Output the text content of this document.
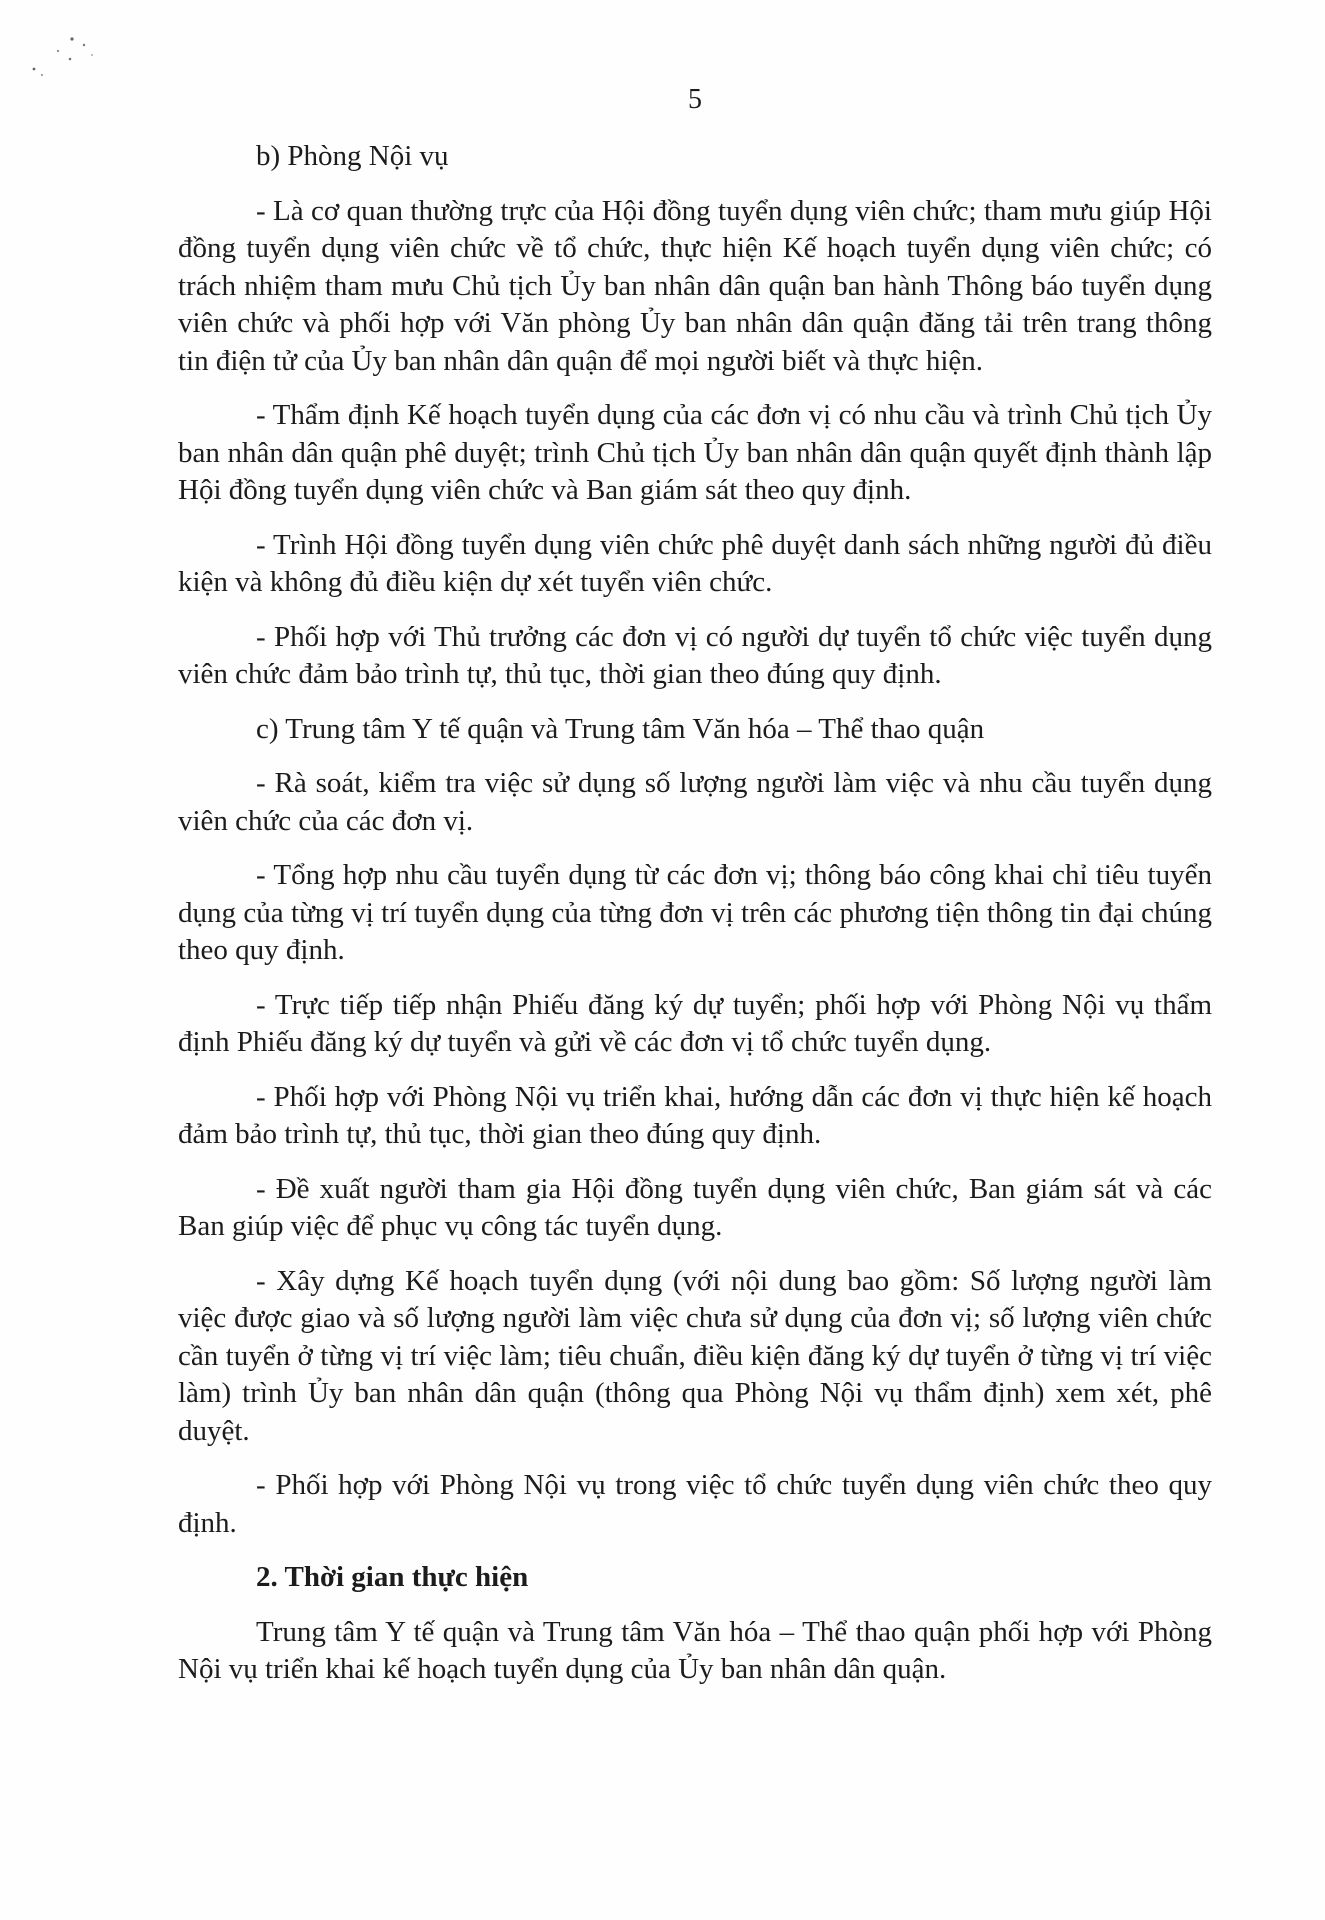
5

b) Phòng Nội vụ

- Là cơ quan thường trực của Hội đồng tuyển dụng viên chức; tham mưu giúp Hội đồng tuyển dụng viên chức về tổ chức, thực hiện Kế hoạch tuyển dụng viên chức; có trách nhiệm tham mưu Chủ tịch Ủy ban nhân dân quận ban hành Thông báo tuyển dụng viên chức và phối hợp với Văn phòng Ủy ban nhân dân quận đăng tải trên trang thông tin điện tử của Ủy ban nhân dân quận để mọi người biết và thực hiện.

- Thẩm định Kế hoạch tuyển dụng của các đơn vị có nhu cầu và trình Chủ tịch Ủy ban nhân dân quận phê duyệt; trình Chủ tịch Ủy ban nhân dân quận quyết định thành lập Hội đồng tuyển dụng viên chức và Ban giám sát theo quy định.

- Trình Hội đồng tuyển dụng viên chức phê duyệt danh sách những người đủ điều kiện và không đủ điều kiện dự xét tuyển viên chức.

- Phối hợp với Thủ trưởng các đơn vị có người dự tuyển tổ chức việc tuyển dụng viên chức đảm bảo trình tự, thủ tục, thời gian theo đúng quy định.

c) Trung tâm Y tế quận và Trung tâm Văn hóa – Thể thao quận

- Rà soát, kiểm tra việc sử dụng số lượng người làm việc và nhu cầu tuyển dụng viên chức của các đơn vị.

- Tổng hợp nhu cầu tuyển dụng từ các đơn vị; thông báo công khai chỉ tiêu tuyển dụng của từng vị trí tuyển dụng của từng đơn vị trên các phương tiện thông tin đại chúng theo quy định.

- Trực tiếp tiếp nhận Phiếu đăng ký dự tuyển; phối hợp với Phòng Nội vụ thẩm định Phiếu đăng ký dự tuyển và gửi về các đơn vị tổ chức tuyển dụng.

- Phối hợp với Phòng Nội vụ triển khai, hướng dẫn các đơn vị thực hiện kế hoạch đảm bảo trình tự, thủ tục, thời gian theo đúng quy định.

- Đề xuất người tham gia Hội đồng tuyển dụng viên chức, Ban giám sát và các Ban giúp việc để phục vụ công tác tuyển dụng.

- Xây dựng Kế hoạch tuyển dụng (với nội dung bao gồm: Số lượng người làm việc được giao và số lượng người làm việc chưa sử dụng của đơn vị; số lượng viên chức cần tuyển ở từng vị trí việc làm; tiêu chuẩn, điều kiện đăng ký dự tuyển ở từng vị trí việc làm) trình Ủy ban nhân dân quận (thông qua Phòng Nội vụ thẩm định) xem xét, phê duyệt.

- Phối hợp với Phòng Nội vụ trong việc tổ chức tuyển dụng viên chức theo quy định.

2. Thời gian thực hiện

Trung tâm Y tế quận và Trung tâm Văn hóa – Thể thao quận phối hợp với Phòng Nội vụ triển khai kế hoạch tuyển dụng của Ủy ban nhân dân quận.
